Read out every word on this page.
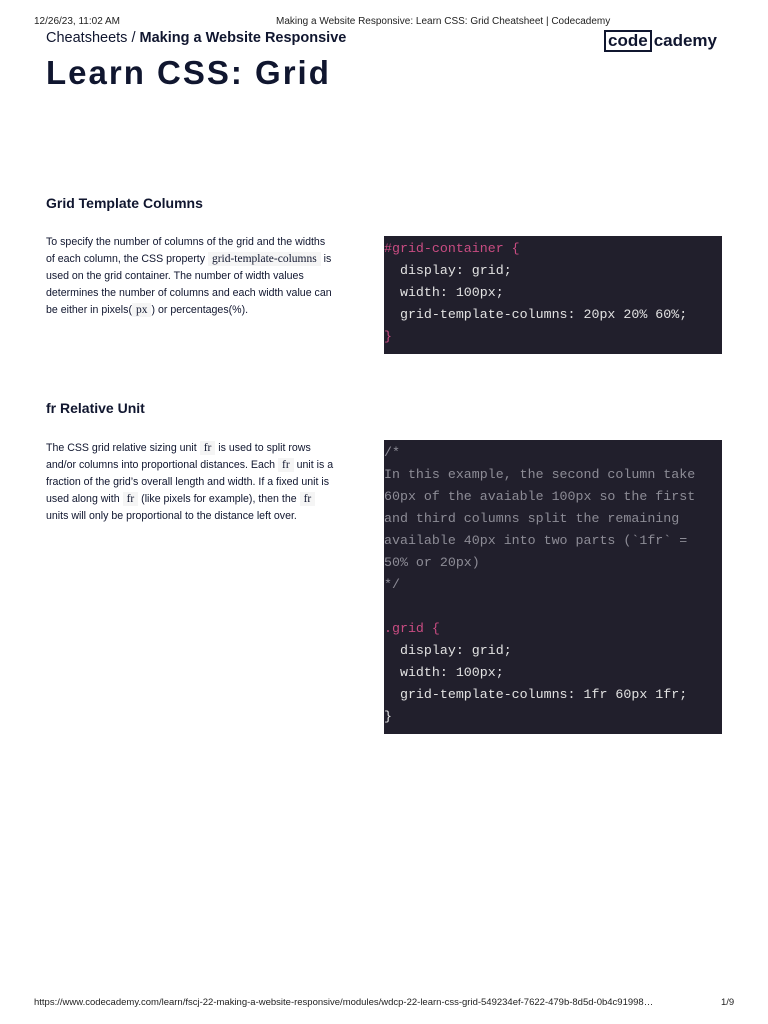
12/26/23, 11:02 AM	Making a Website Responsive: Learn CSS: Grid Cheatsheet | Codecademy
Cheatsheets / Making a Website Responsive	code cademy
Learn CSS: Grid
Grid Template Columns

To specify the number of columns of the grid and the widths of each column, the CSS property grid-template-columns is used on the grid container. The number of width values determines the number of columns and each width value can be either in pixels( px ) or percentages(%).

#grid-container {
display: grid;
width: 100px;
grid-template-columns: 20px 20% 60%;
}
fr Relative Unit

The CSS grid relative sizing unit fr is used to split rows and/or columns into proportional distances. Each fr unit is a fraction of the grid’s overall length and width. If a fixed unit is used along with fr (like pixels for example), then the fr units will only be proportional to the distance left over.

/*
In this example, the second column take
60px of the avaiable 100px so the first
and third columns split the remaining
available 40px into two parts (`1fr` =
50% or 20px)
*/
.grid {
display: grid;
width: 100px;
grid-template-columns: 1fr 60px 1fr;
}
https://www.codecademy.com/learn/fscj-22-making-a-website-responsive/modules/wdcp-22-learn-css-grid-549234ef-7622-479b-8d5d-0b4c91998…	1/9
